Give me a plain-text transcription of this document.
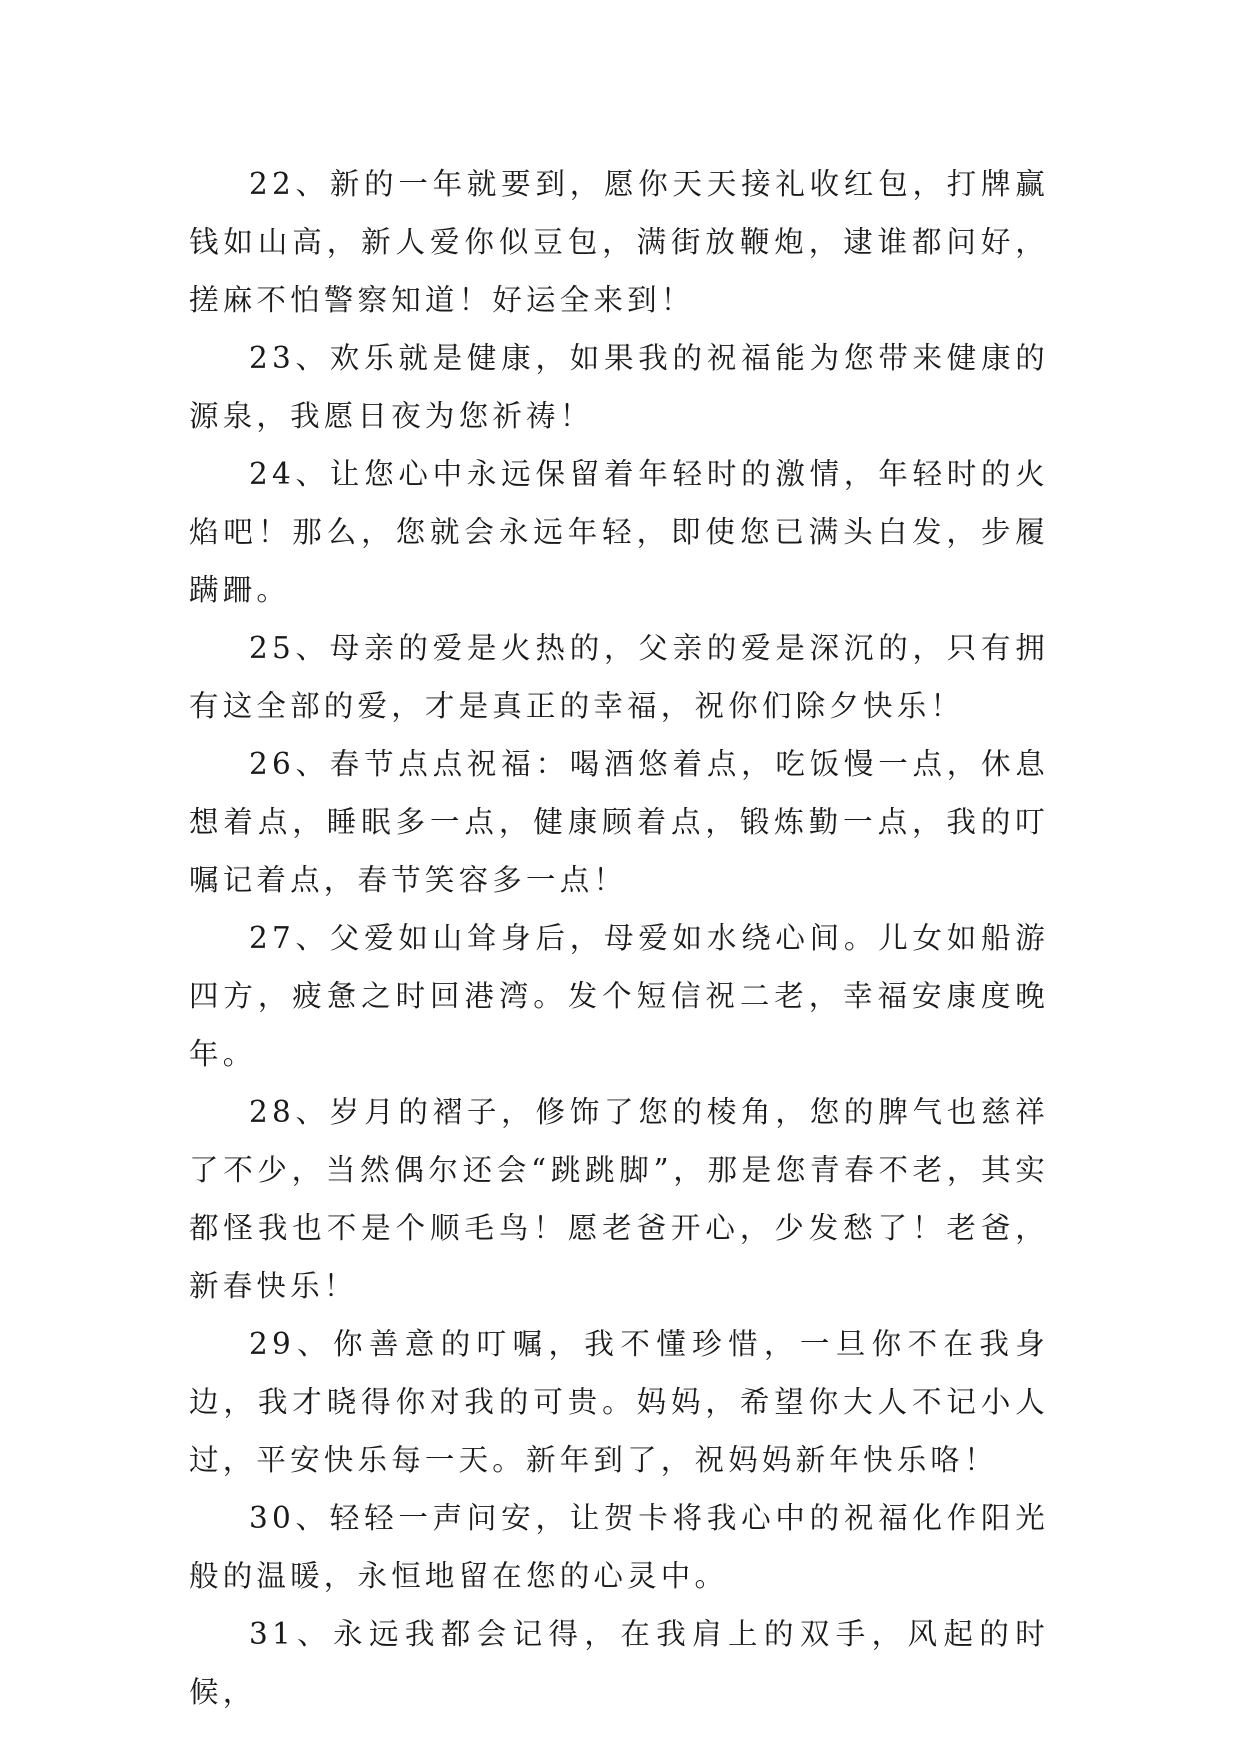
22、新的一年就要到，愿你天天接礼收红包，打牌赢钱如山高，新人爱你似豆包，满街放鞭炮，逮谁都问好，搓麻不怕警察知道！好运全来到！

23、欢乐就是健康，如果我的祝福能为您带来健康的源泉，我愿日夜为您祈祷！

24、让您心中永远保留着年轻时的激情，年轻时的火焰吧！那么，您就会永远年轻，即使您已满头白发，步履蹒跚。

25、母亲的爱是火热的，父亲的爱是深沉的，只有拥有这全部的爱，才是真正的幸福，祝你们除夕快乐！

26、春节点点祝福：喝酒悠着点，吃饭慢一点，休息想着点，睡眠多一点，健康顾着点，锻炼勤一点，我的叮嘱记着点，春节笑容多一点！

27、父爱如山耸身后，母爱如水绕心间。儿女如船游四方，疲惫之时回港湾。发个短信祝二老，幸福安康度晚年。

28、岁月的褶子，修饰了您的棱角，您的脾气也慈祥了不少，当然偶尔还会“跳跳脚”，那是您青春不老，其实都怪我也不是个顺毛鸟！愿老爸开心，少发愁了！老爸，新春快乐！

29、你善意的叮嘱，我不懂珍惜，一旦你不在我身边，我才晓得你对我的可贵。妈妈，希望你大人不记小人过，平安快乐每一天。新年到了，祝妈妈新年快乐咯！

30、轻轻一声问安，让贺卡将我心中的祝福化作阳光般的温暖，永恒地留在您的心灵中。

31、永远我都会记得，在我肩上的双手，风起的时候，
